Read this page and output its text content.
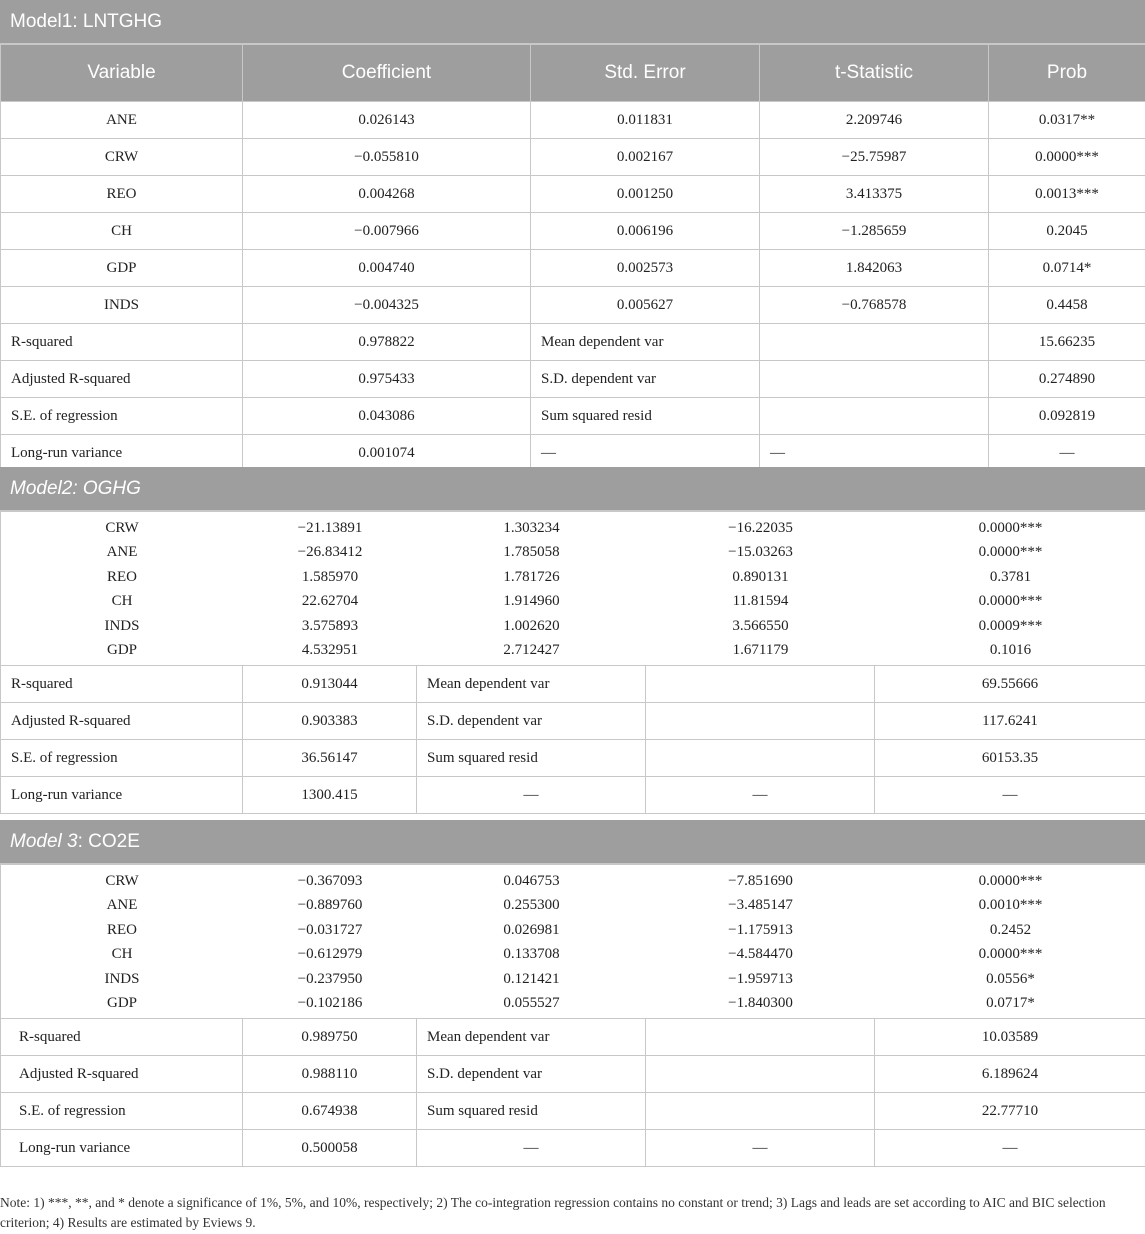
Model1: LNTGHG
Variable	Coefficient	Std. Error	t-Statistic	Prob
ANE	0.026143	0.011831	2.209746	0.0317**
CRW	−0.055810	0.002167	−25.75987	0.0000***
REO	0.004268	0.001250	3.413375	0.0013***
CH	−0.007966	0.006196	−1.285659	0.2045
GDP	0.004740	0.002573	1.842063	0.0714*
INDS	−0.004325	0.005627	−0.768578	0.4458
R-squared	0.978822	Mean dependent var		15.66235
Adjusted R-squared	0.975433	S.D. dependent var		0.274890
S.E. of regression	0.043086	Sum squared resid		0.092819
Long-run variance	0.001074	—	—	—
Model2: OGHG
CRW	−21.13891	1.303234	−16.22035	0.0000***
ANE	−26.83412	1.785058	−15.03263	0.0000***
REO	1.585970	1.781726	0.890131	0.3781
CH	22.62704	1.914960	11.81594	0.0000***
INDS	3.575893	1.002620	3.566550	0.0009***
GDP	4.532951	2.712427	1.671179	0.1016

R-squared	0.913044	Mean dependent var		69.55666
Adjusted R-squared	0.903383	S.D. dependent var		117.6241
S.E. of regression	36.56147	Sum squared resid		60153.35
Long-run variance	1300.415	—	—	—
Model 3: CO2E
CRW	−0.367093	0.046753	−7.851690	0.0000***
ANE	−0.889760	0.255300	−3.485147	0.0010***
REO	−0.031727	0.026981	−1.175913	0.2452
CH	−0.612979	0.133708	−4.584470	0.0000***
INDS	−0.237950	0.121421	−1.959713	0.0556*
GDP	−0.102186	0.055527	−1.840300	0.0717*

R-squared	0.989750	Mean dependent var		10.03589
Adjusted R-squared	0.988110	S.D. dependent var		6.189624
S.E. of regression	0.674938	Sum squared resid		22.77710
Long-run variance	0.500058	—	—	—
Note: 1) ***, **, and * denote a significance of 1%, 5%, and 10%, respectively; 2) The co-integration regression contains no constant or trend; 3) Lags and leads are set according to AIC and BIC selection criterion; 4) Results are estimated by Eviews 9.
